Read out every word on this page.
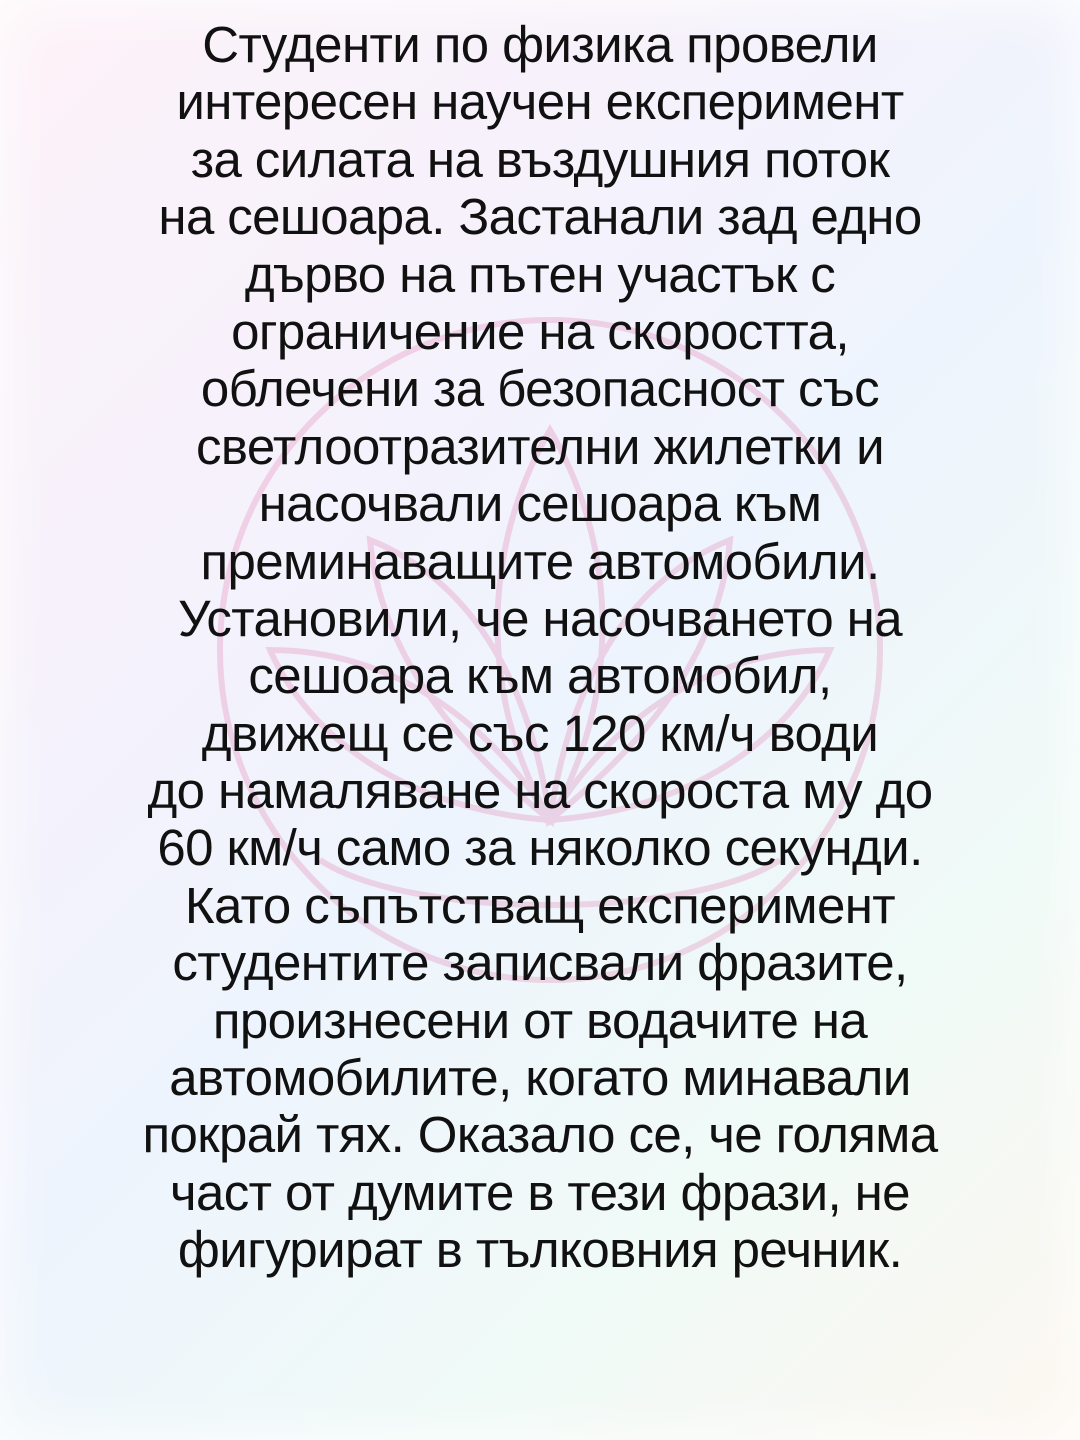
Студенти по физика провели
интересен научен експеримент
за силата на въздушния поток
на сешоара. Застанали зад едно
дърво на пътен участък с
ограничение на скоростта,
облечени за безопасност със
светлоотразителни жилетки и
насочвали сешоара към
преминаващите автомобили.
Установили, че насочването на
сешоара към автомобил,
движещ се със 120 км/ч води
до намаляване на скороста му до
60 км/ч само за няколко секунди.
Като съпътстващ експеримент
студентите записвали фразите,
произнесени от водачите на
автомобилите, когато минавали
покрай тях. Оказало се, че голяма
част от думите в тези фрази, не
фигурират в тълковния речник.
